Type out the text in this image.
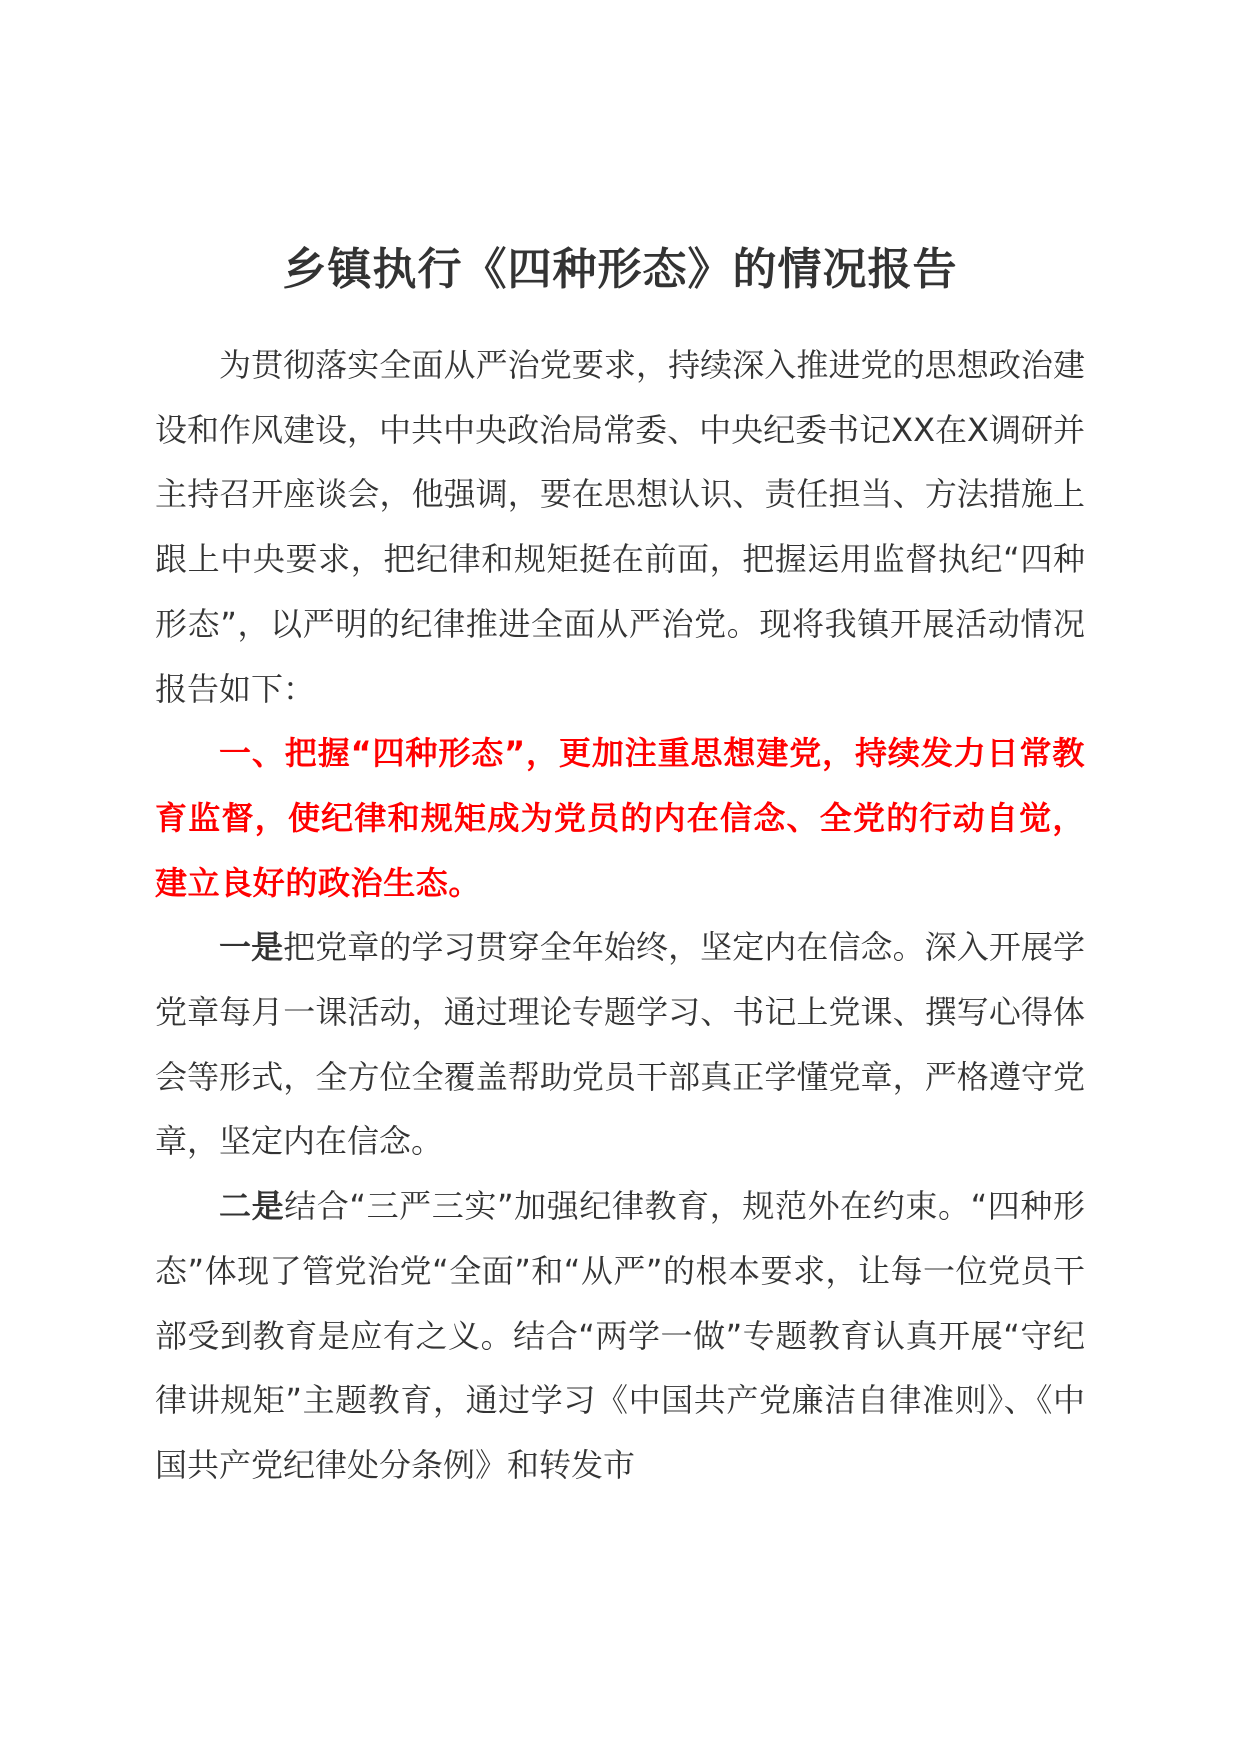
乡镇执行《四种形态》的情况报告

为贯彻落实全面从严治党要求，持续深入推进党的思想政治建设和作风建设，中共中央政治局常委、中央纪委书记XX在X调研并主持召开座谈会，他强调，要在思想认识、责任担当、方法措施上跟上中央要求，把纪律和规矩挺在前面，把握运用监督执纪“四种形态”，以严明的纪律推进全面从严治党。现将我镇开展活动情况报告如下：

一、把握“四种形态”，更加注重思想建党，持续发力日常教育监督，使纪律和规矩成为党员的内在信念、全党的行动自觉，建立良好的政治生态。

一是把党章的学习贯穿全年始终，坚定内在信念。深入开展学党章每月一课活动，通过理论专题学习、书记上党课、撰写心得体会等形式，全方位全覆盖帮助党员干部真正学懂党章，严格遵守党章，坚定内在信念。

二是结合“三严三实”加强纪律教育，规范外在约束。“四种形态”体现了管党治党“全面”和“从严”的根本要求，让每一位党员干部受到教育是应有之义。结合“两学一做”专题教育认真开展“守纪律讲规矩”主题教育，通过学习《中国共产党廉洁自律准则》、《中国共产党纪律处分条例》和转发市
